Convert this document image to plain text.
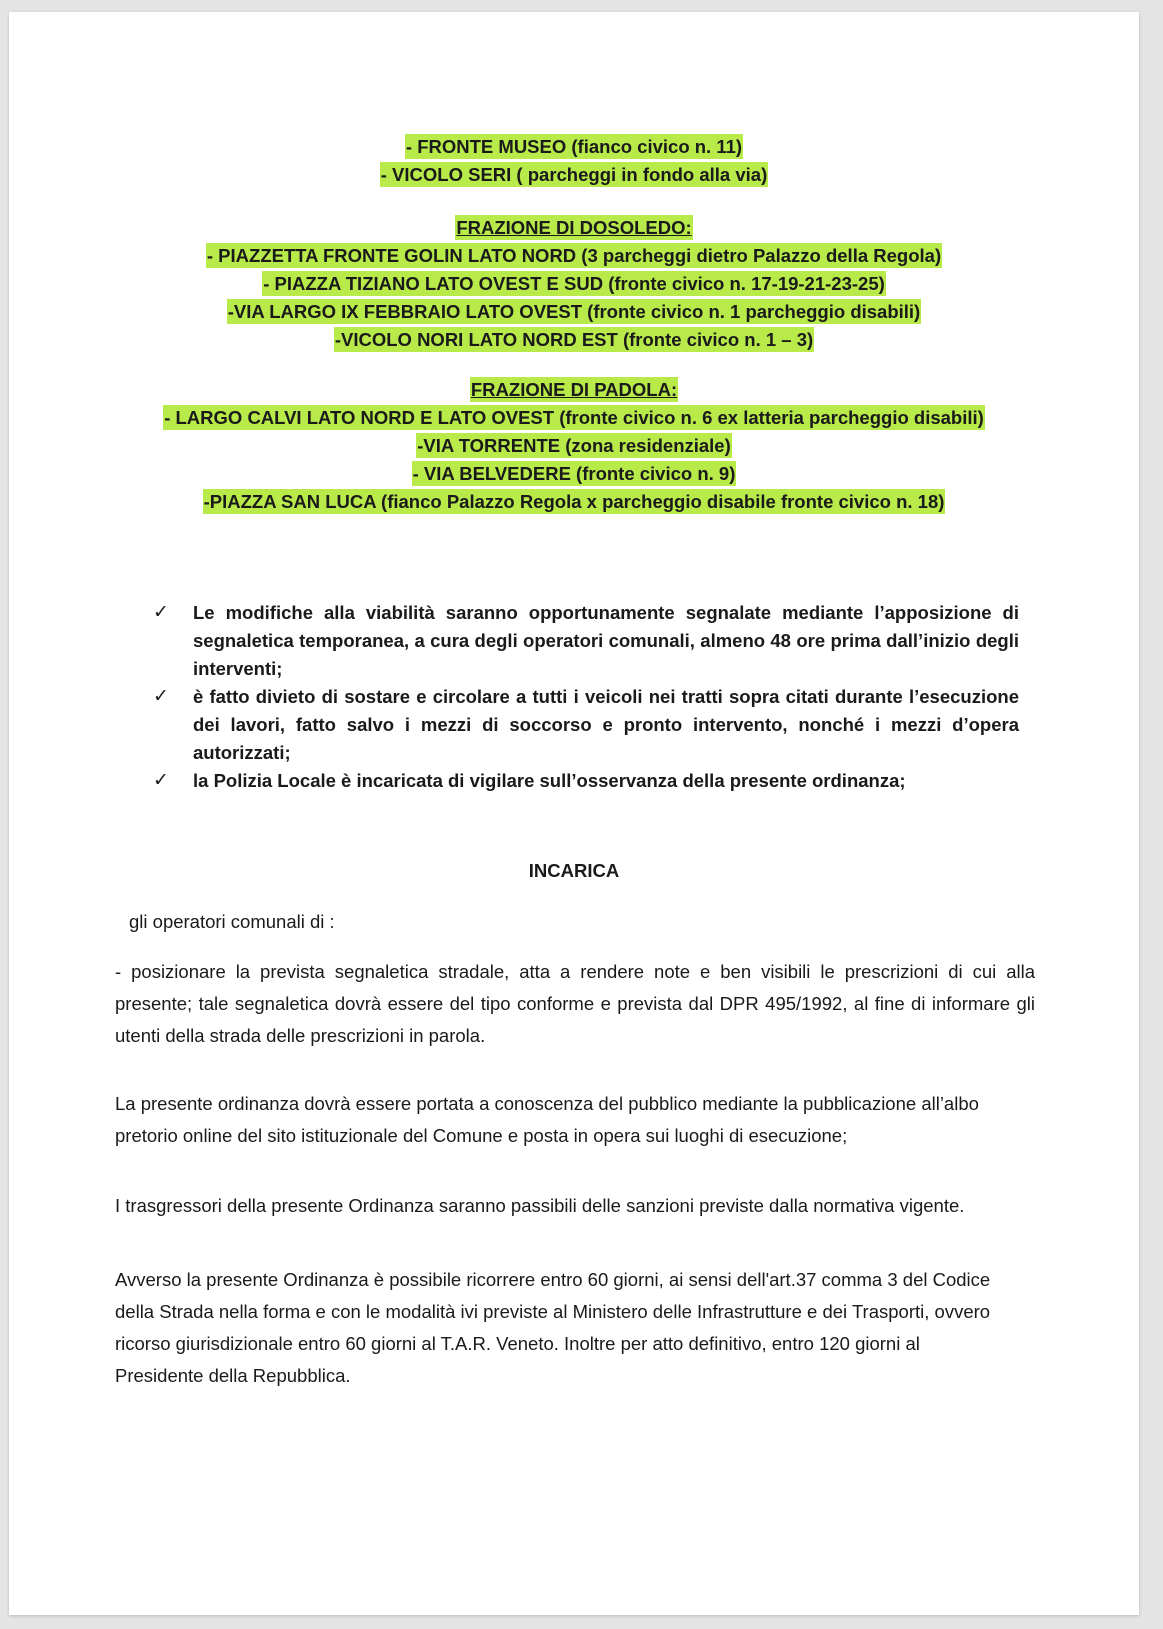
- FRONTE MUSEO (fianco civico n. 11)
- VICOLO SERI ( parcheggi in fondo alla via)
FRAZIONE DI DOSOLEDO:
- PIAZZETTA FRONTE GOLIN LATO NORD (3 parcheggi dietro Palazzo della Regola)
- PIAZZA TIZIANO LATO OVEST E SUD (fronte civico n. 17-19-21-23-25)
-VIA LARGO IX FEBBRAIO LATO OVEST (fronte civico n. 1 parcheggio disabili)
-VICOLO NORI LATO NORD EST (fronte civico n. 1 – 3)
FRAZIONE DI PADOLA:
- LARGO CALVI LATO NORD E LATO OVEST (fronte civico n. 6 ex latteria parcheggio disabili)
-VIA TORRENTE (zona residenziale)
- VIA BELVEDERE (fronte civico n. 9)
-PIAZZA SAN LUCA (fianco Palazzo Regola x parcheggio disabile fronte civico n. 18)
✓ Le modifiche alla viabilità saranno opportunamente segnalate mediante l’apposizione di segnaletica temporanea, a cura degli operatori comunali, almeno 48 ore prima dall’inizio degli interventi;
✓ è fatto divieto di sostare e circolare a tutti i veicoli nei tratti sopra citati durante l’esecuzione dei lavori, fatto salvo i mezzi di soccorso e pronto intervento, nonché i mezzi d’opera autorizzati;
✓ la Polizia Locale è incaricata di vigilare sull’osservanza della presente ordinanza;
INCARICA
gli operatori comunali di :
- posizionare la prevista segnaletica stradale, atta a rendere note e ben visibili le prescrizioni di cui alla presente; tale segnaletica dovrà essere del tipo conforme e prevista dal DPR 495/1992, al fine di informare gli utenti della strada delle prescrizioni in parola.
La presente ordinanza dovrà essere portata a conoscenza del pubblico mediante la pubblicazione all’albo pretorio online del sito istituzionale del Comune e posta in opera sui luoghi di esecuzione;
I trasgressori della presente Ordinanza saranno passibili delle sanzioni previste dalla normativa vigente.
Avverso la presente Ordinanza è possibile ricorrere entro 60 giorni, ai sensi dell'art.37 comma 3 del Codice della Strada nella forma e con le modalità ivi previste al Ministero delle Infrastrutture e dei Trasporti, ovvero ricorso giurisdizionale entro 60 giorni al T.A.R. Veneto. Inoltre per atto definitivo, entro 120 giorni al Presidente della Repubblica.
